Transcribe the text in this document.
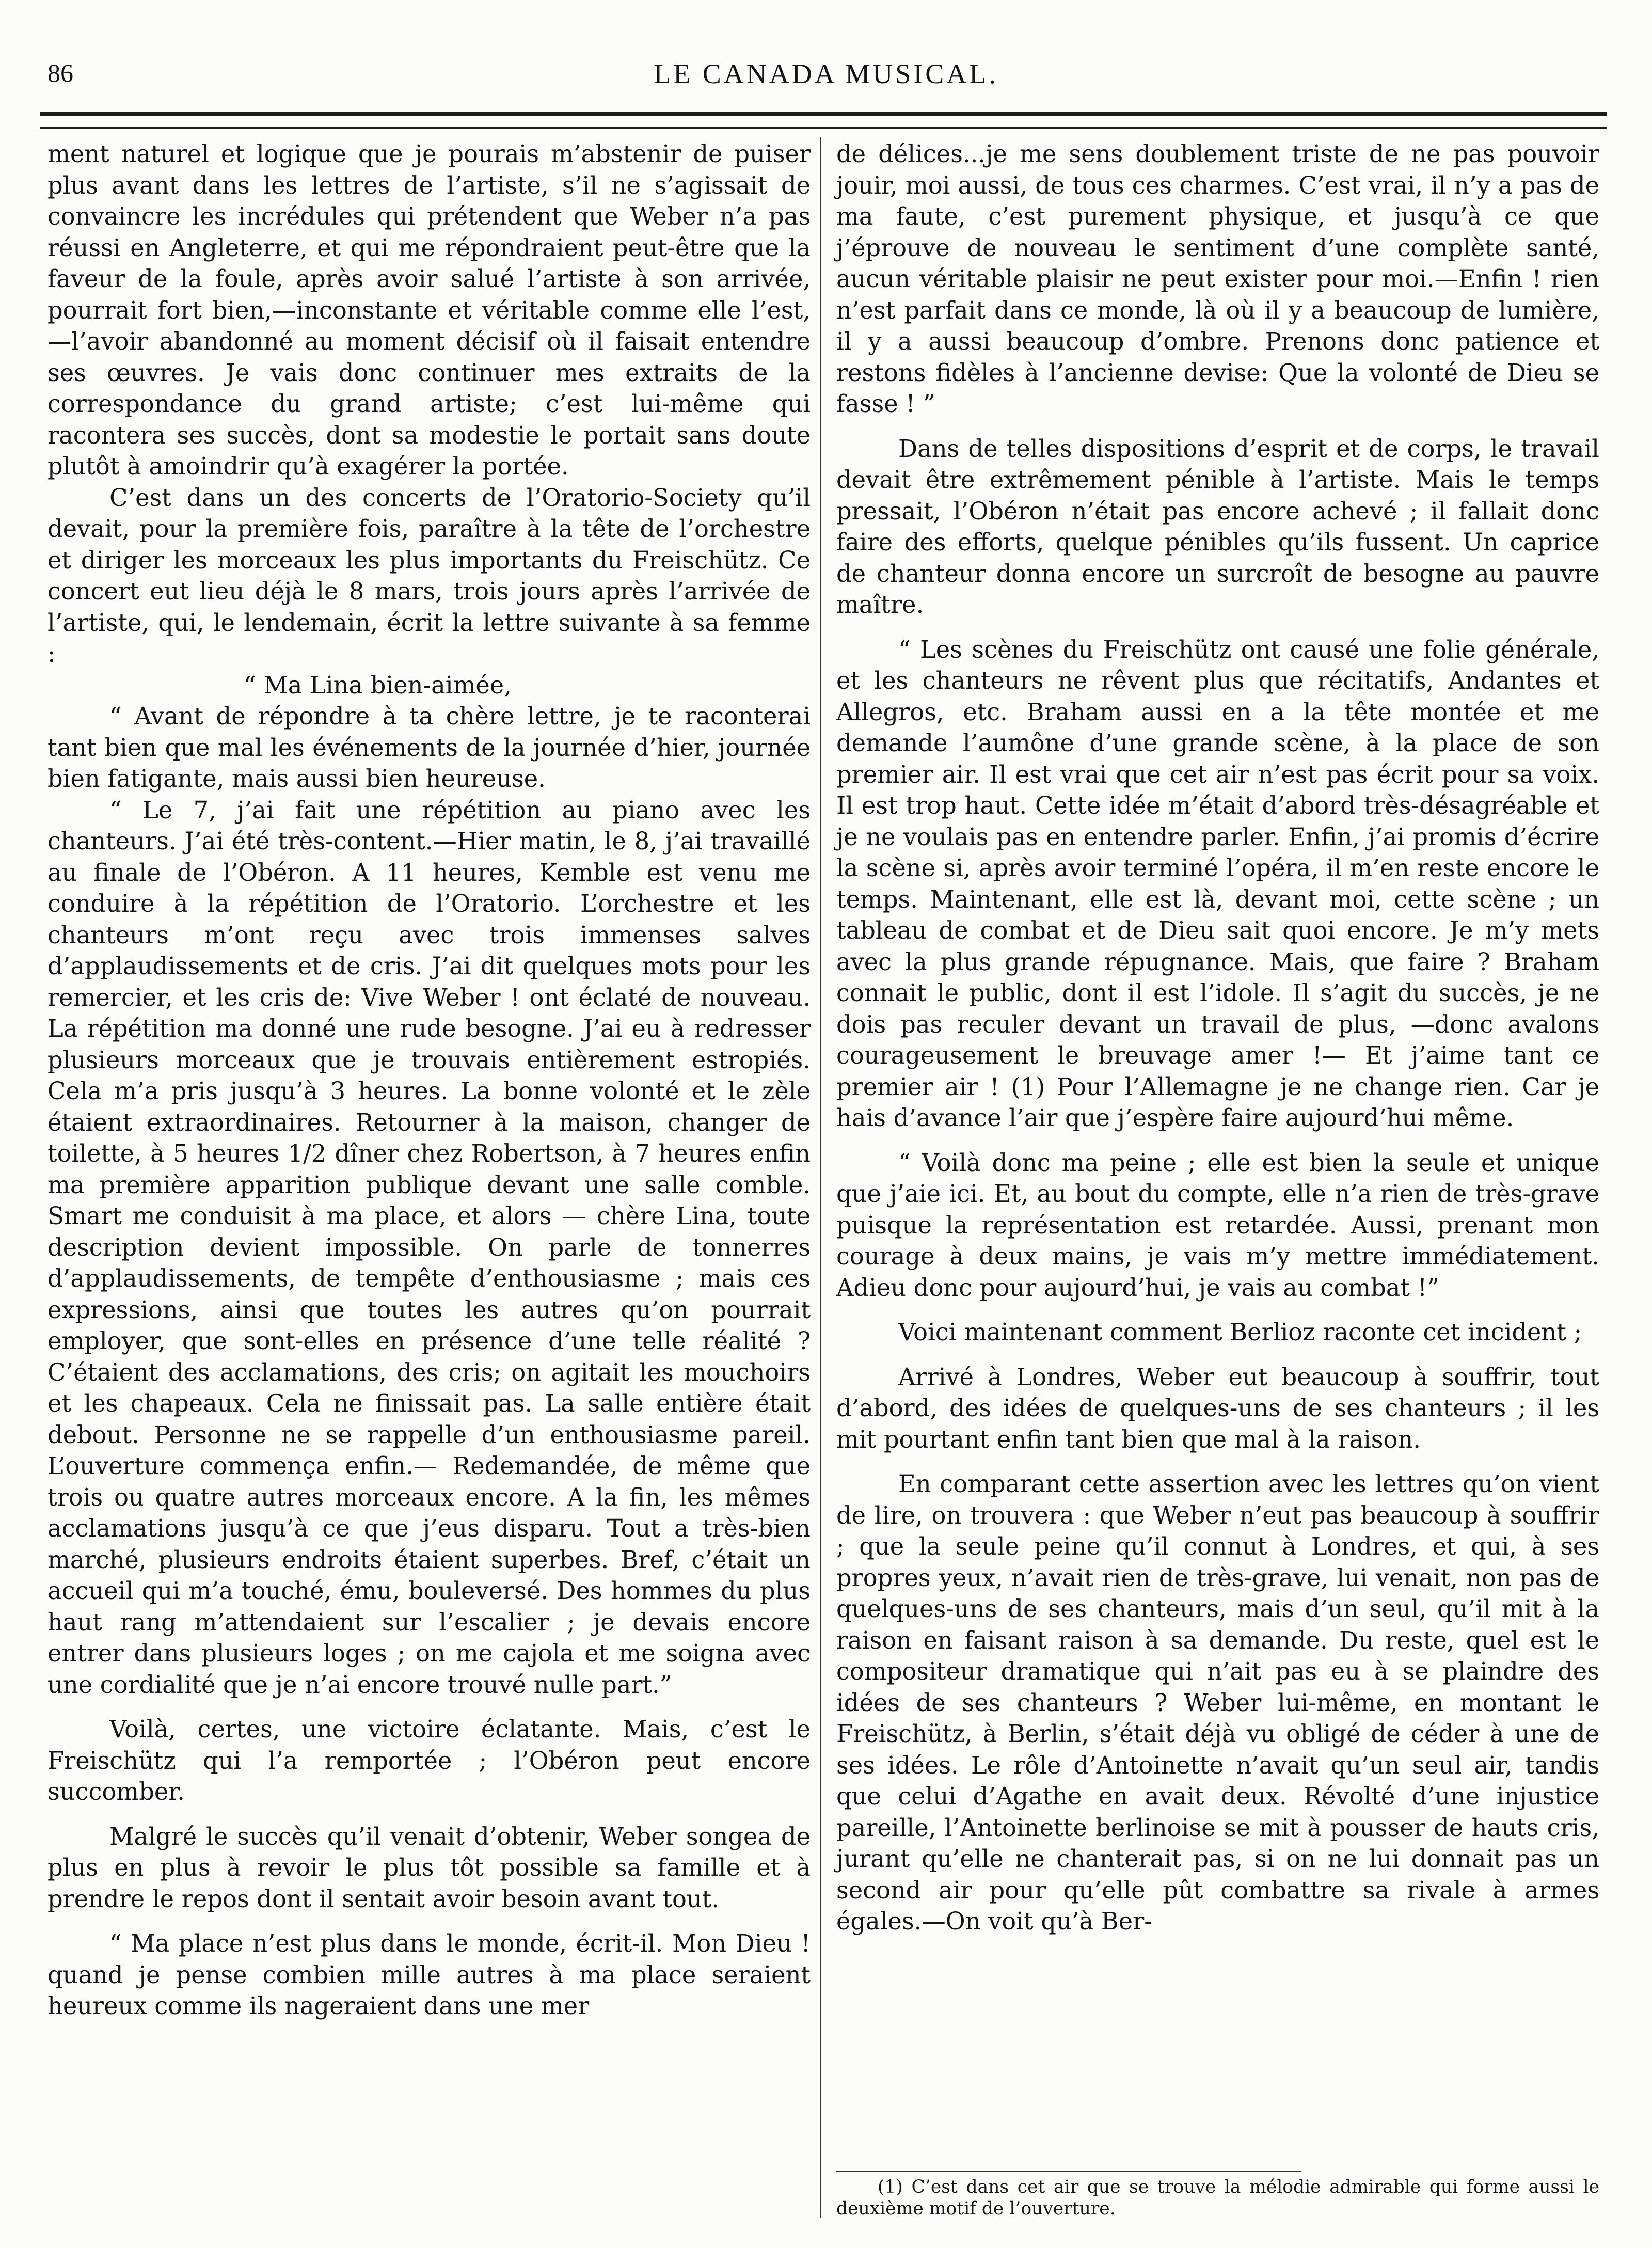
86	LE CANADA MUSICAL.

ment naturel et logique que je pourais m’abstenir de puiser plus avant dans les lettres de l’artiste, s’il ne s’agissait de convaincre les incrédules qui prétendent que Weber n’a pas réussi en Angleterre, et qui me répondraient peut-être que la faveur de la foule, après avoir salué l’artiste à son arrivée, pourrait fort bien,—inconstante et véritable comme elle l’est,—l’avoir abandonné au moment décisif où il faisait entendre ses œuvres. Je vais donc continuer mes extraits de la correspondance du grand artiste; c’est lui-même qui racontera ses succès, dont sa modestie le portait sans doute plutôt à amoindrir qu’à exagérer la portée.

C’est dans un des concerts de l’Oratorio-Society qu’il devait, pour la première fois, paraître à la tête de l’orchestre et diriger les morceaux les plus importants du Freischütz. Ce concert eut lieu déjà le 8 mars, trois jours après l’arrivée de l’artiste, qui, le lendemain, écrit la lettre suivante à sa femme :

“ Ma Lina bien-aimée,

“ Avant de répondre à ta chère lettre, je te raconterai tant bien que mal les événements de la journée d’hier, journée bien fatigante, mais aussi bien heureuse.

“ Le 7, j’ai fait une répétition au piano avec les chanteurs. J’ai été très-content.—Hier matin, le 8, j’ai travaillé au finale de l’Obéron. A 11 heures, Kemble est venu me conduire à la répétition de l’Oratorio. L’orchestre et les chanteurs m’ont reçu avec trois immenses salves d’applaudissements et de cris. J’ai dit quelques mots pour les remercier, et les cris de: Vive Weber ! ont éclaté de nouveau. La répétition ma donné une rude besogne. J’ai eu à redresser plusieurs morceaux que je trouvais entièrement estropiés. Cela m’a pris jusqu’à 3 heures. La bonne volonté et le zèle étaient extraordinaires. Retourner à la maison, changer de toilette, à 5 heures 1/2 dîner chez Robertson, à 7 heures enfin ma première apparition publique devant une salle comble. Smart me conduisit à ma place, et alors — chère Lina, toute description devient impossible. On parle de tonnerres d’applaudissements, de tempête d’enthousiasme ; mais ces expressions, ainsi que toutes les autres qu’on pourrait employer, que sont-elles en présence d’une telle réalité ? C’étaient des acclamations, des cris; on agitait les mouchoirs et les chapeaux. Cela ne finissait pas. La salle entière était debout. Personne ne se rappelle d’un enthousiasme pareil. L’ouverture commença enfin.— Redemandée, de même que trois ou quatre autres morceaux encore. A la fin, les mêmes acclamations jusqu’à ce que j’eus disparu. Tout a très-bien marché, plusieurs endroits étaient superbes. Bref, c’était un accueil qui m’a touché, ému, bouleversé. Des hommes du plus haut rang m’attendaient sur l’escalier ; je devais encore entrer dans plusieurs loges ; on me cajola et me soigna avec une cordialité que je n’ai encore trouvé nulle part.”

Voilà, certes, une victoire éclatante. Mais, c’est le Freischütz qui l’a remportée ; l’Obéron peut encore succomber.

Malgré le succès qu’il venait d’obtenir, Weber songea de plus en plus à revoir le plus tôt possible sa famille et à prendre le repos dont il sentait avoir besoin avant tout.

“ Ma place n’est plus dans le monde, écrit-il. Mon Dieu ! quand je pense combien mille autres à ma place seraient heureux comme ils nageraient dans une mer

de délices...je me sens doublement triste de ne pas pouvoir jouir, moi aussi, de tous ces charmes. C’est vrai, il n’y a pas de ma faute, c’est purement physique, et jusqu’à ce que j’éprouve de nouveau le sentiment d’une complète santé, aucun véritable plaisir ne peut exister pour moi.—Enfin ! rien n’est parfait dans ce monde, là où il y a beaucoup de lumière, il y a aussi beaucoup d’ombre. Prenons donc patience et restons fidèles à l’ancienne devise: Que la volonté de Dieu se fasse ! ”

Dans de telles dispositions d’esprit et de corps, le travail devait être extrêmement pénible à l’artiste. Mais le temps pressait, l’Obéron n’était pas encore achevé ; il fallait donc faire des efforts, quelque pénibles qu’ils fussent. Un caprice de chanteur donna encore un surcroît de besogne au pauvre maître.

“ Les scènes du Freischütz ont causé une folie générale, et les chanteurs ne rêvent plus que récitatifs, Andantes et Allegros, etc. Braham aussi en a la tête montée et me demande l’aumône d’une grande scène, à la place de son premier air. Il est vrai que cet air n’est pas écrit pour sa voix. Il est trop haut. Cette idée m’était d’abord très-désagréable et je ne voulais pas en entendre parler. Enfin, j’ai promis d’écrire la scène si, après avoir terminé l’opéra, il m’en reste encore le temps. Maintenant, elle est là, devant moi, cette scène ; un tableau de combat et de Dieu sait quoi encore. Je m’y mets avec la plus grande répugnance. Mais, que faire ? Braham connait le public, dont il est l’idole. Il s’agit du succès, je ne dois pas reculer devant un travail de plus, —donc avalons courageusement le breuvage amer !— Et j’aime tant ce premier air ! (1) Pour l’Allemagne je ne change rien. Car je hais d’avance l’air que j’espère faire aujourd’hui même.

“ Voilà donc ma peine ; elle est bien la seule et unique que j’aie ici. Et, au bout du compte, elle n’a rien de très-grave puisque la représentation est retardée. Aussi, prenant mon courage à deux mains, je vais m’y mettre immédiatement. Adieu donc pour aujourd’hui, je vais au combat !”

Voici maintenant comment Berlioz raconte cet incident ;

Arrivé à Londres, Weber eut beaucoup à souffrir, tout d’abord, des idées de quelques-uns de ses chanteurs ; il les mit pourtant enfin tant bien que mal à la raison.

En comparant cette assertion avec les lettres qu’on vient de lire, on trouvera : que Weber n’eut pas beaucoup à souffrir ; que la seule peine qu’il connut à Londres, et qui, à ses propres yeux, n’avait rien de très-grave, lui venait, non pas de quelques-uns de ses chanteurs, mais d’un seul, qu’il mit à la raison en faisant raison à sa demande. Du reste, quel est le compositeur dramatique qui n’ait pas eu à se plaindre des idées de ses chanteurs ? Weber lui-même, en montant le Freischütz, à Berlin, s’était déjà vu obligé de céder à une de ses idées. Le rôle d’Antoinette n’avait qu’un seul air, tandis que celui d’Agathe en avait deux. Révolté d’une injustice pareille, l’Antoinette berlinoise se mit à pousser de hauts cris, jurant qu’elle ne chanterait pas, si on ne lui donnait pas un second air pour qu’elle pût combattre sa rivale à armes égales.—On voit qu’à Ber-

(1) C’est dans cet air que se trouve la mélodie admirable qui forme aussi le deuxième motif de l’ouverture.
